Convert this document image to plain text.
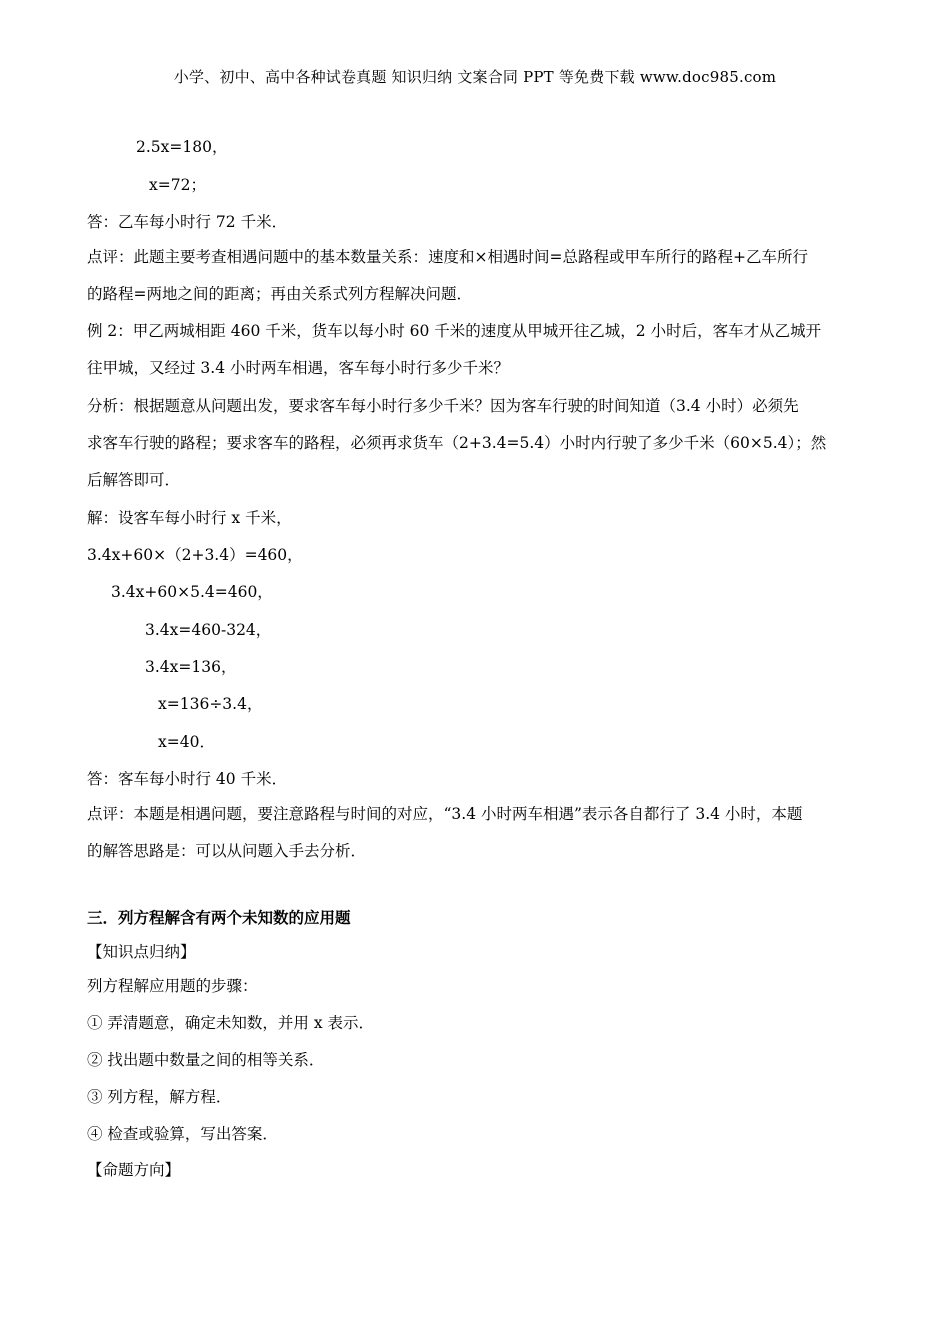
小学、初中、高中各种试卷真题 知识归纳 文案合同 PPT 等免费下载 www.doc985.com
2.5x=180，
x=72；
答：乙车每小时行 72 千米．
点评：此题主要考查相遇问题中的基本数量关系：速度和×相遇时间=总路程或甲车所行的路程+乙车所行
的路程=两地之间的距离；再由关系式列方程解决问题．
例 2：甲乙两城相距 460 千米，货车以每小时 60 千米的速度从甲城开往乙城，2 小时后，客车才从乙城开
往甲城，又经过 3.4 小时两车相遇，客车每小时行多少千米？
分析：根据题意从问题出发，要求客车每小时行多少千米？因为客车行驶的时间知道（3.4 小时）必须先
求客车行驶的路程；要求客车的路程，必须再求货车（2+3.4=5.4）小时内行驶了多少千米（60×5.4）；然
后解答即可．
解：设客车每小时行 x 千米，
3.4x+60×（2+3.4）=460，
3.4x+60×5.4=460，
3.4x=460-324，
3.4x=136，
x=136÷3.4，
x=40．
答：客车每小时行 40 千米．
点评：本题是相遇问题，要注意路程与时间的对应，“3.4 小时两车相遇”表示各自都行了 3.4 小时，本题
的解答思路是：可以从问题入手去分析．
三．列方程解含有两个未知数的应用题
【知识点归纳】
列方程解应用题的步骤：
① 弄清题意，确定未知数，并用 x 表示．
② 找出题中数量之间的相等关系．
③ 列方程，解方程．
④ 检查或验算，写出答案．
【命题方向】
